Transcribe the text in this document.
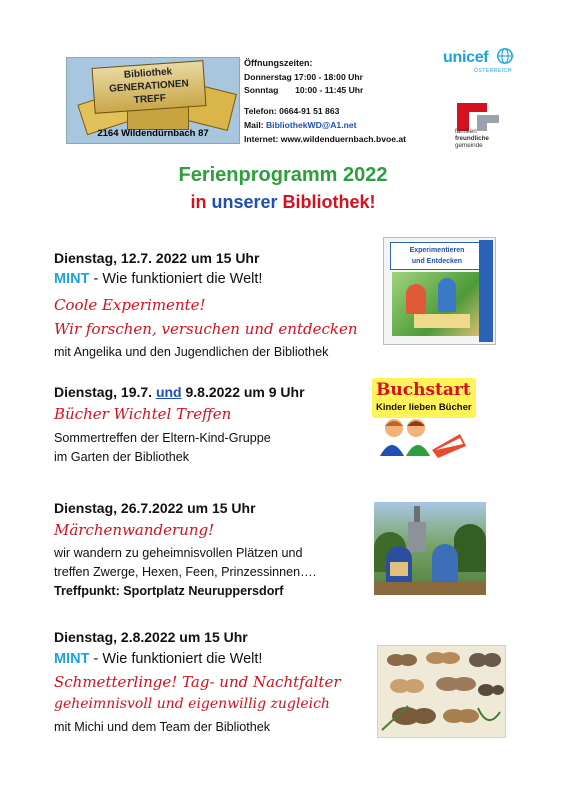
Bibliothek
GENERATIONEN
TREFF
2164 Wildendürnbach 87
Öffnungszeiten:
Donnerstag 17:00 - 18:00 Uhr
Sonntag       10:00 - 11:45 Uhr
Telefon: 0664-91 51 863
Mail: BibliothekWD@A1.net
Internet: www.wildenduernbach.bvoe.at
unicef
ÖSTERREICH
familien
freundliche
gemeinde
Ferienprogramm 2022
in unserer Bibliothek!
Dienstag, 12.7. 2022 um 15 Uhr
MINT - Wie funktioniert die Welt!
Coole Experimente!
Wir forschen, versuchen und entdecken
mit Angelika und den Jugendlichen der Bibliothek
Experimentieren
und Entdecken
Dienstag, 19.7. und 9.8.2022 um 9 Uhr
Bücher Wichtel Treffen
Sommertreffen der Eltern-Kind-Gruppe
im Garten der Bibliothek
Buchstart
Kinder lieben Bücher
Dienstag, 26.7.2022 um 15 Uhr
Märchenwanderung!
wir wandern zu geheimnisvollen Plätzen und
treffen Zwerge, Hexen, Feen, Prinzessinnen….
Treffpunkt: Sportplatz Neuruppersdorf
Dienstag, 2.8.2022 um 15 Uhr
MINT - Wie funktioniert die Welt!
Schmetterlinge! Tag- und Nachtfalter
geheimnisvoll und eigenwillig zugleich
mit Michi und dem Team der Bibliothek
